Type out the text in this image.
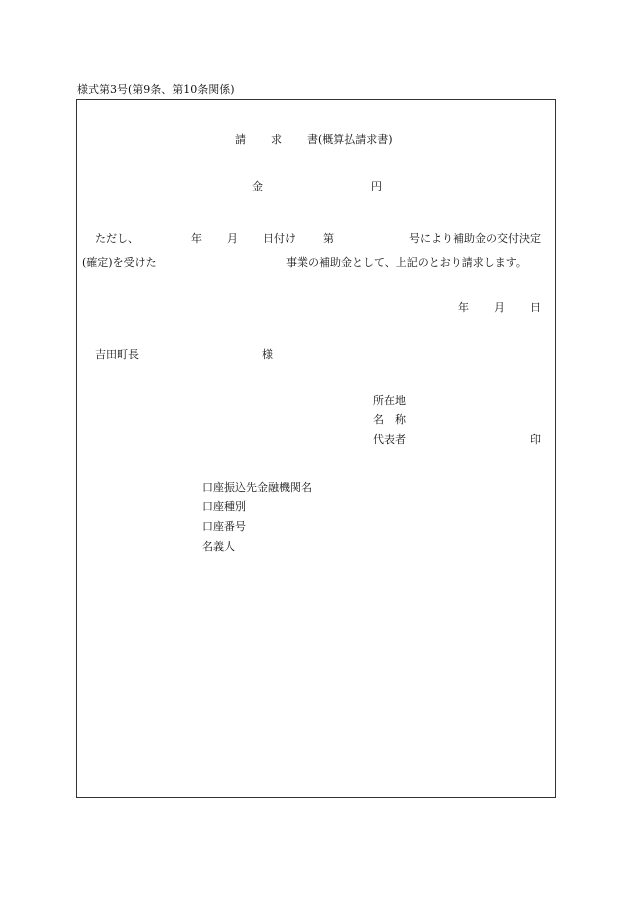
様式第3号(第9条、第10条関係)
請 求 書 (概算払請求書)
金	円
ただし、	年 月 日付け 第	号により補助金の交付決定
(確定)を受けた	事業の補助金として、上記のとおり請求します。
年 月 日
吉田町長	様
所在地
名　称
代表者	印
口座振込先金融機関名
口座種別
口座番号
名義人
